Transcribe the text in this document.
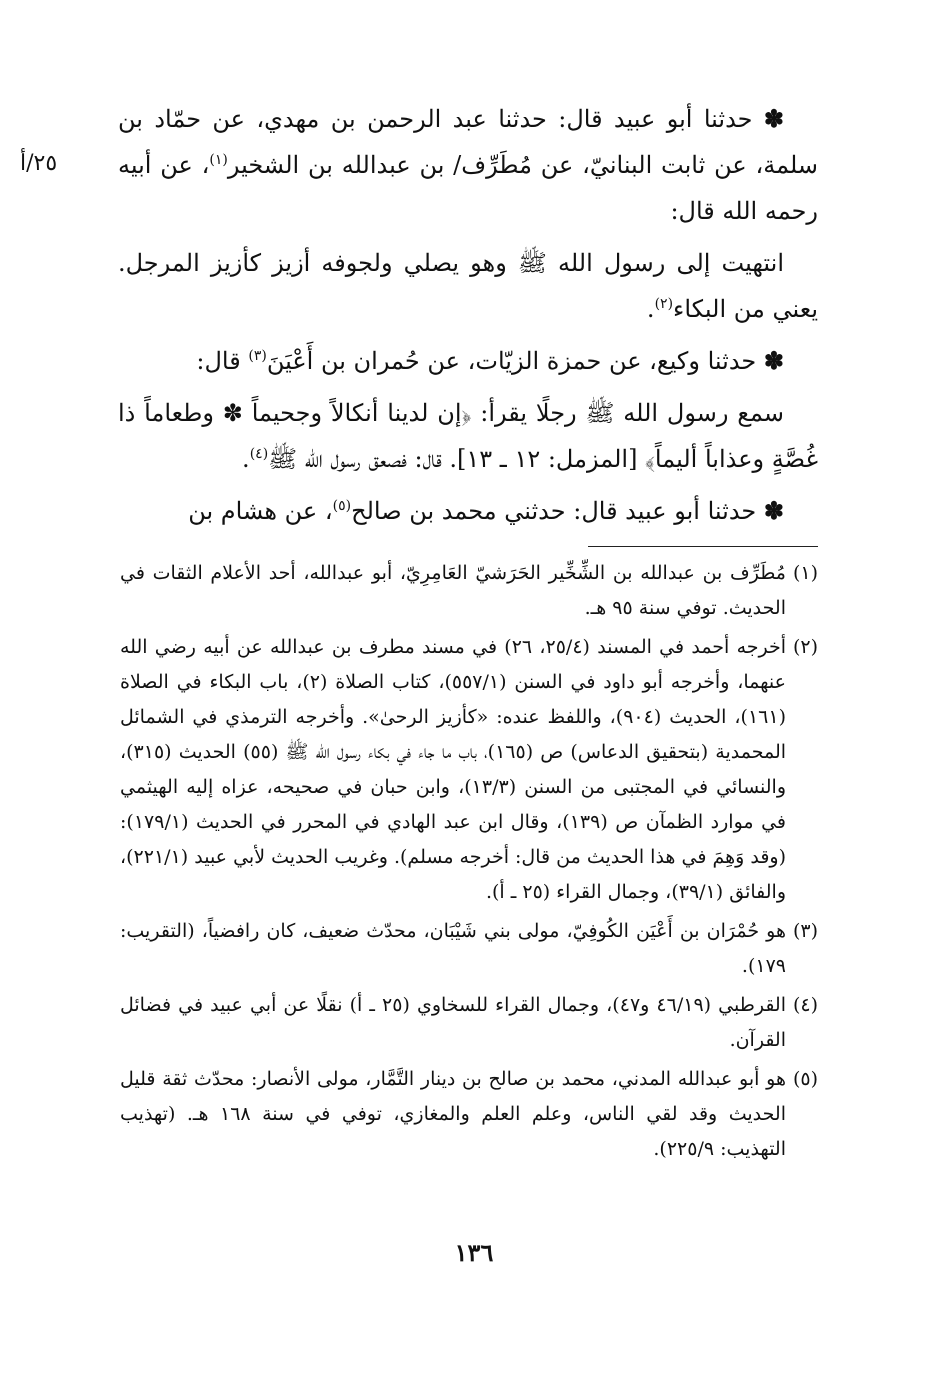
٢٥/أ

✽ حدثنا أبو عبيد قال: حدثنا عبد الرحمن بن مهدي، عن حمّاد بن سلمة، عن ثابت البنانيّ، عن مُطَرِّف/ بن عبدالله بن الشخير$^{(١)}$، عن أبيه رحمه الله قال:

انتهيت إلى رسول الله ﷺ وهو يصلي ولجوفه أزيز كأزيز المرجل. يعني من البكاء$^{(٢)}$.

✽ حدثنا وكيع، عن حمزة الزيّات، عن حُمران بن أَعْيَنَ$^{(٣)}$ قال:

سمع رسول الله ﷺ رجلًا يقرأ: ﴿إن لدينا أنكالاً وجحيماً ✽ وطعاماً ذا غُصَّةٍ وعذاباً أليماً﴾ [المزمل: ١٢ ـ ١٣]. قال: فصعق رسول الله ﷺ$^{(٤)}$.

✽ حدثنا أبو عبيد قال: حدثني محمد بن صالح$^{(٥)}$، عن هشام بن

(١)مُطَرِّف بن عبدالله بن الشِّخِّير الحَرَشيّ العَامِرِيّ، أبو عبدالله، أحد الأعلام الثقات في الحديث. توفي سنة ٩٥ هـ.

(٢)أخرجه أحمد في المسند (٢٥/٤، ٢٦) في مسند مطرف بن عبدالله عن أبيه رضي الله عنهما، وأخرجه أبو داود في السنن (٥٥٧/١)، كتاب الصلاة (٢)، باب البكاء في الصلاة (١٦١)، الحديث (٩٠٤)، واللفظ عنده: «كأزيز الرحىٰ». وأخرجه الترمذي في الشمائل المحمدية (بتحقيق الدعاس) ص (١٦٥)، باب ما جاء في بكاء رسول الله ﷺ (٥٥) الحديث (٣١٥)، والنسائي في المجتبى من السنن (١٣/٣)، وابن حبان في صحيحه، عزاه إليه الهيثمي في موارد الظمآن ص (١٣٩)، وقال ابن عبد الهادي في المحرر في الحديث (١٧٩/١): (وقد وَهِمَ في هذا الحديث من قال: أخرجه مسلم). وغريب الحديث لأبي عبيد (٢٢١/١)، والفائق (٣٩/١)، وجمال القراء (٢٥ ـ أ).

(٣)هو حُمْرَان بن أَعْيَن الكُوفِيّ، مولى بني شَيْبَان، محدّث ضعيف، كان رافضياً، (التقريب: ١٧٩).

(٤)القرطبي (٤٦/١٩ و٤٧)، وجمال القراء للسخاوي (٢٥ ـ أ) نقلًا عن أبي عبيد في فضائل القرآن.

(٥)هو أبو عبدالله المدني، محمد بن صالح بن دينار التَّمَّار، مولى الأنصار: محدّث ثقة قليل الحديث وقد لقي الناس، وعلم العلم والمغازي، توفي في سنة ١٦٨ هـ. (تهذيب التهذيب: ٢٢٥/٩).

١٣٦
